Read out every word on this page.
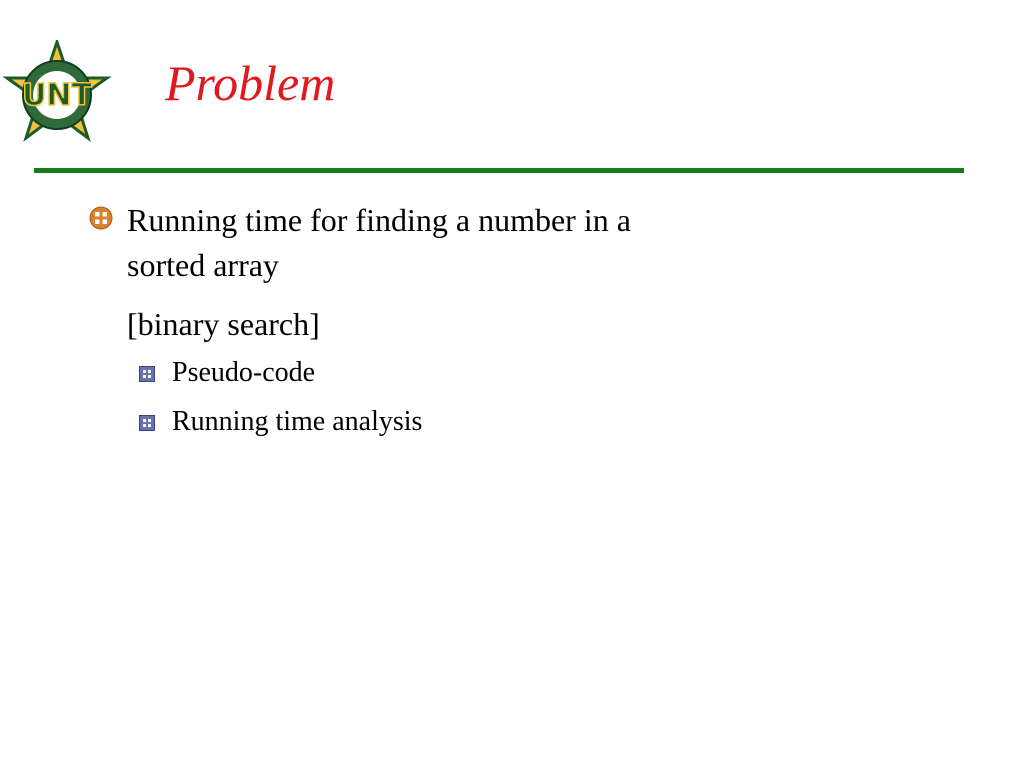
UNT Problem
Running time for finding a number in a
sorted array
[binary search]
Pseudo-code
Running time analysis
